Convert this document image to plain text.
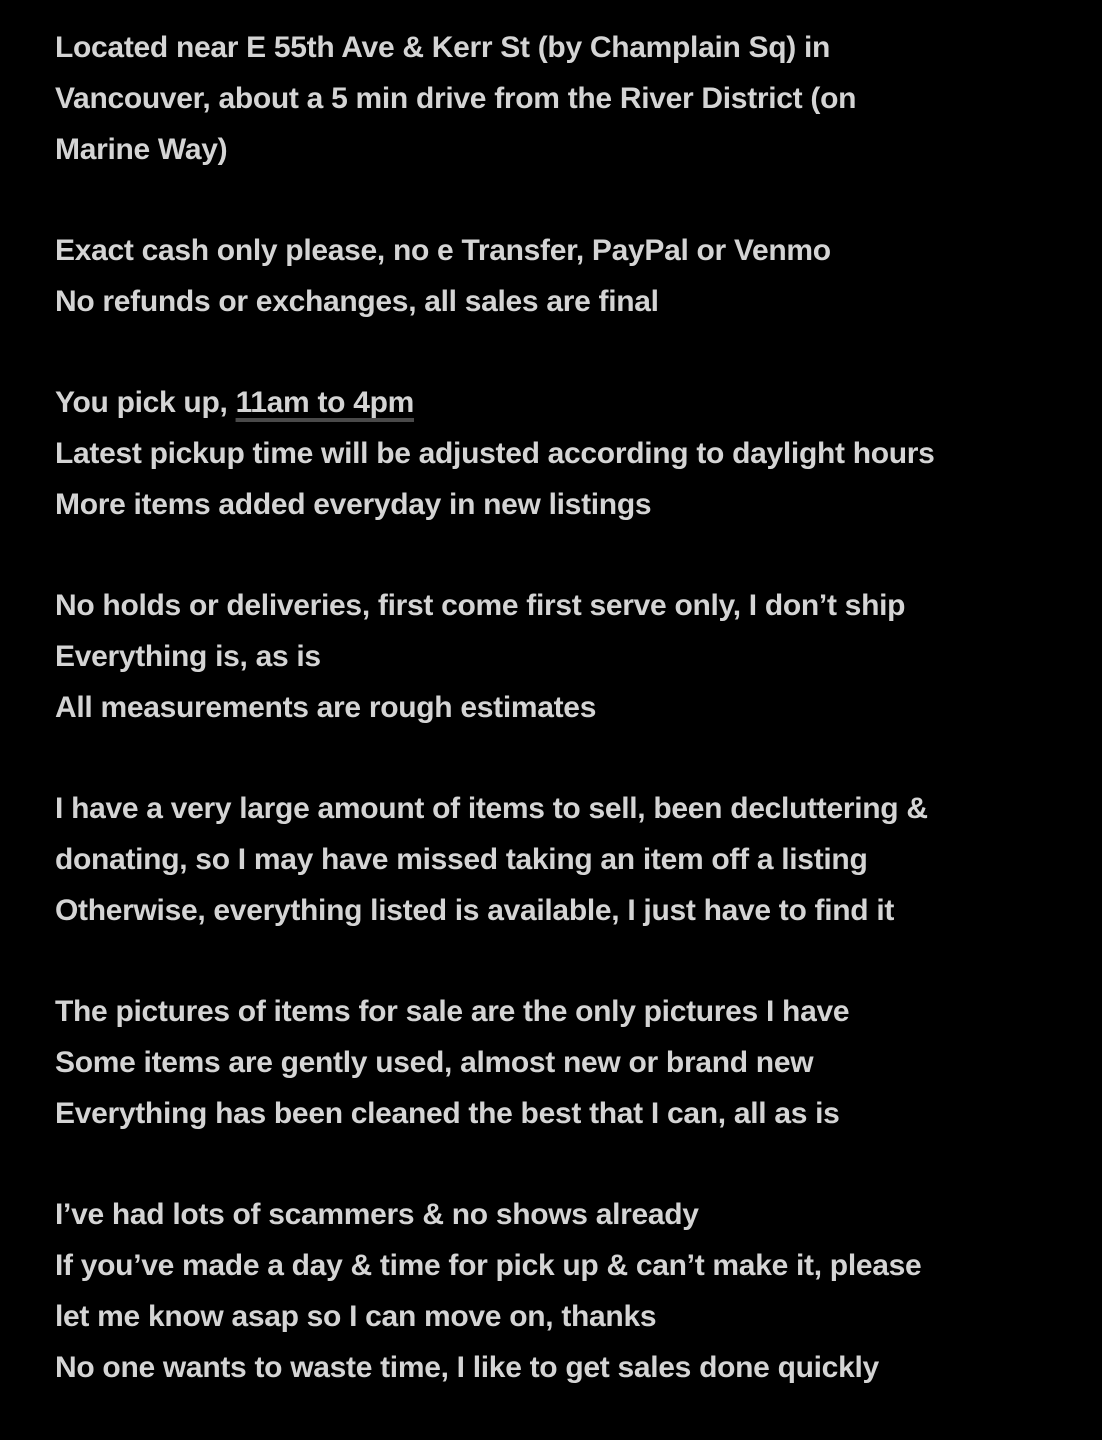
Located near E 55th Ave & Kerr St (by Champlain Sq) in
Vancouver, about a 5 min drive from the River District (on
Marine Way)

Exact cash only please, no e Transfer, PayPal or Venmo
No refunds or exchanges, all sales are final

You pick up, 11am to 4pm
Latest pickup time will be adjusted according to daylight hours
More items added everyday in new listings

No holds or deliveries, first come first serve only, I don’t ship
Everything is, as is
All measurements are rough estimates

I have a very large amount of items to sell, been decluttering &
donating, so I may have missed taking an item off a listing
Otherwise, everything listed is available, I just have to find it

The pictures of items for sale are the only pictures I have
Some items are gently used, almost new or brand new
Everything has been cleaned the best that I can, all as is

I’ve had lots of scammers & no shows already
If you’ve made a day & time for pick up & can’t make it, please
let me know asap so I can move on, thanks
No one wants to waste time, I like to get sales done quickly
